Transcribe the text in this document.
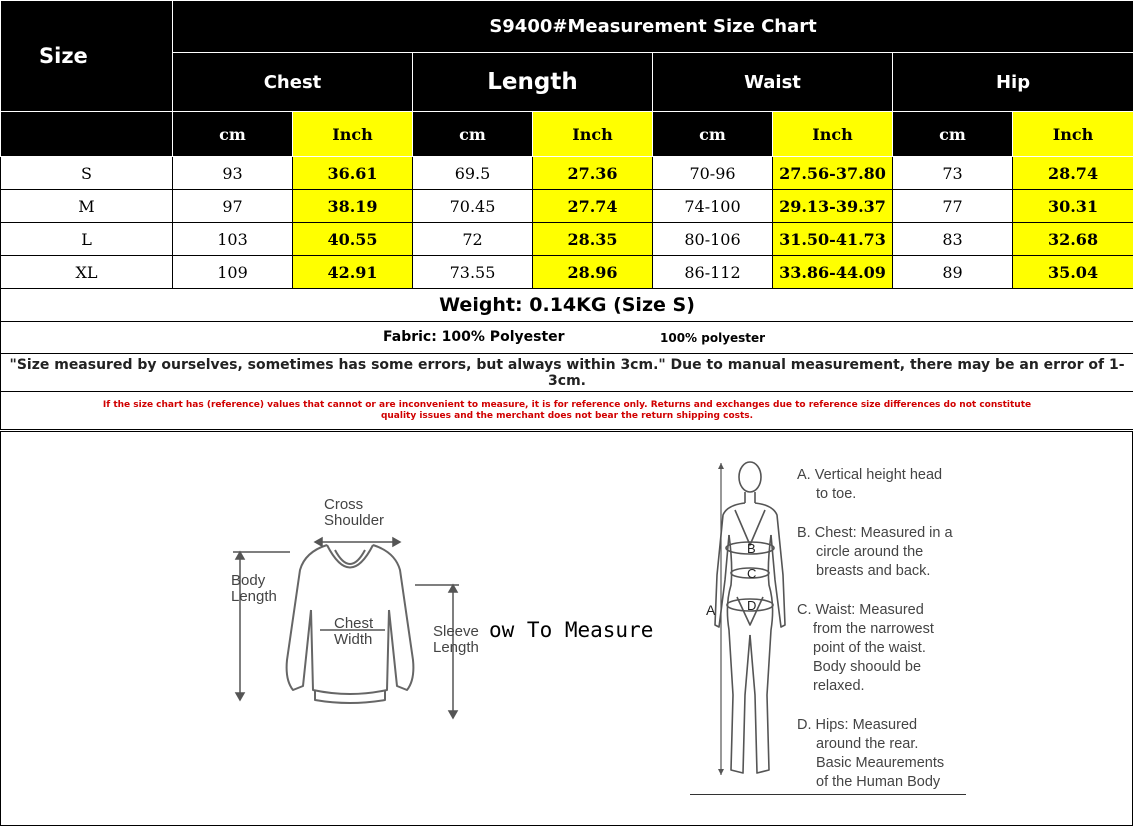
Size	S9400#Measurement Size Chart							
	Chest		Length		Waist		Hip	
	cm	Inch	cm	Inch	cm	Inch	cm	Inch
S	93	36.61	69.5	27.36	70-96	27.56-37.80	73	28.74
M	97	38.19	70.45	27.74	74-100	29.13-39.37	77	30.31
L	103	40.55	72	28.35	80-106	31.50-41.73	83	32.68
XL	109	42.91	73.55	28.96	86-112	33.86-44.09	89	35.04
Weight: 0.14KG (Size S)								

Fabric: 100% Polyester 100% polyester								

"Size measured by ourselves, sometimes has some errors, but always within 3cm." Due to manual measurement, there may be an error of 1-3cm.								
If the size chart has (reference) values that cannot or are inconvenient to measure, it is for reference only. Returns and exchanges due to reference size differences do not constitute quality issues and the merchant does not bear the return shipping costs.								
Cross
Shoulder
Body
Length
Chest
Width	Sleeve
Length
ow To Measure
A
B
C
D
A. Vertical height head
to toe.
B. Chest: Measured in a
circle around the
breasts and back.
C. Waist: Measured
from the narrowest
point of the waist.
Body shoould be
relaxed.
D. Hips: Measured
around the rear.
Basic Meaurements
of the Human Body
